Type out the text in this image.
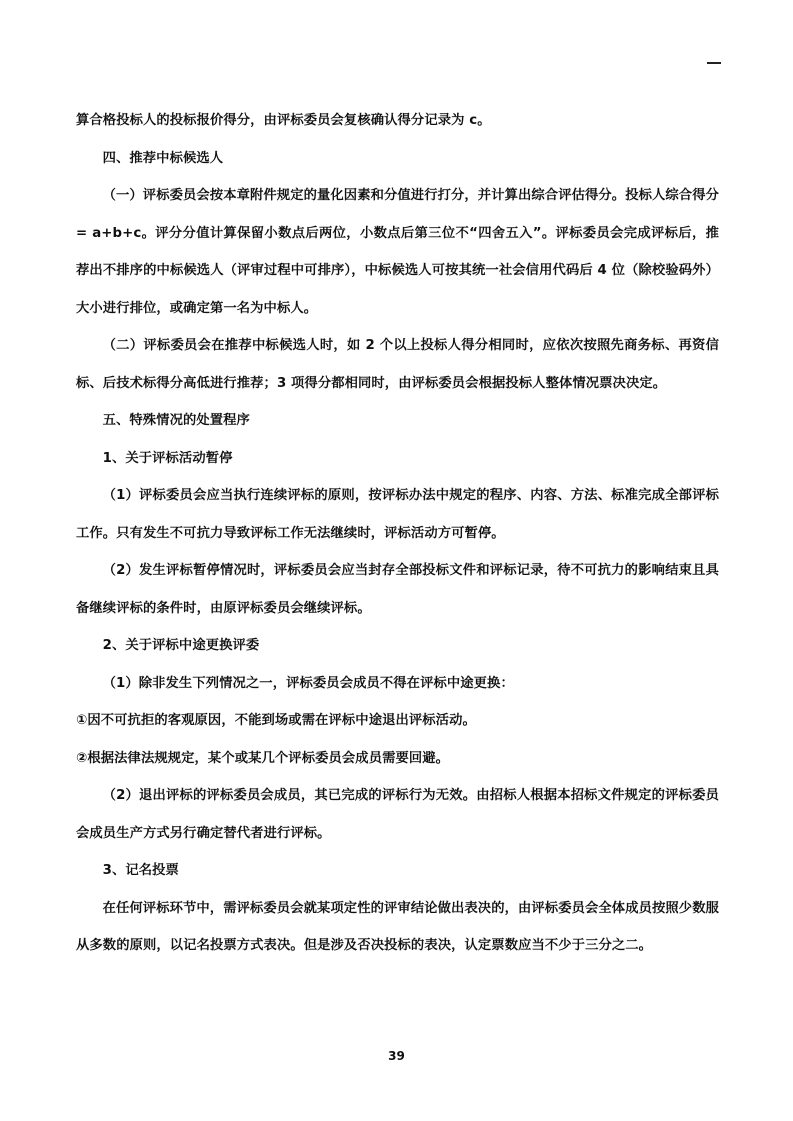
算合格投标人的投标报价得分，由评标委员会复核确认得分记录为 c。

四、推荐中标候选人

（一）评标委员会按本章附件规定的量化因素和分值进行打分，并计算出综合评估得分。投标人综合得分 = a+b+c。评分分值计算保留小数点后两位，小数点后第三位不“四舍五入”。评标委员会完成评标后，推荐出不排序的中标候选人（评审过程中可排序），中标候选人可按其统一社会信用代码后 4 位（除校验码外）大小进行排位，或确定第一名为中标人。

（二）评标委员会在推荐中标候选人时，如 2 个以上投标人得分相同时，应依次按照先商务标、再资信标、后技术标得分高低进行推荐；3 项得分都相同时，由评标委员会根据投标人整体情况票决决定。

五、特殊情况的处置程序

1、关于评标活动暂停

（1）评标委员会应当执行连续评标的原则，按评标办法中规定的程序、内容、方法、标准完成全部评标工作。只有发生不可抗力导致评标工作无法继续时，评标活动方可暂停。

（2）发生评标暂停情况时，评标委员会应当封存全部投标文件和评标记录，待不可抗力的影响结束且具备继续评标的条件时，由原评标委员会继续评标。

2、关于评标中途更换评委

（1）除非发生下列情况之一，评标委员会成员不得在评标中途更换：

①因不可抗拒的客观原因，不能到场或需在评标中途退出评标活动。

②根据法律法规规定，某个或某几个评标委员会成员需要回避。

（2）退出评标的评标委员会成员，其已完成的评标行为无效。由招标人根据本招标文件规定的评标委员会成员生产方式另行确定替代者进行评标。

3、记名投票

在任何评标环节中，需评标委员会就某项定性的评审结论做出表决的，由评标委员会全体成员按照少数服从多数的原则，以记名投票方式表决。但是涉及否决投标的表决，认定票数应当不少于三分之二。

39
